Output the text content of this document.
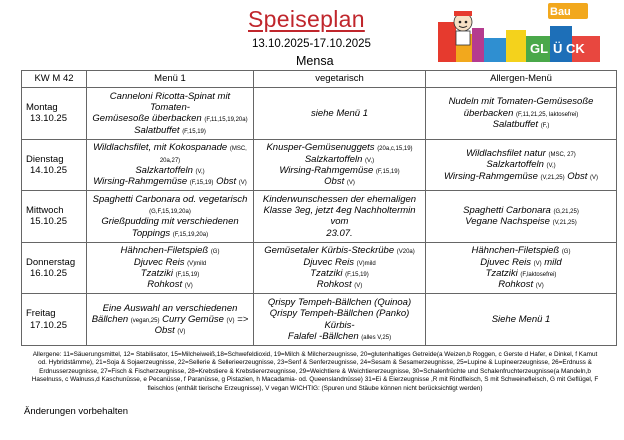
Speiseplan
13.10.2025-17.10.2025
Mensa
Bau
im
GL Ü CK
KW M 42	Menü 1	vegetarisch	Allergen-Menü

Montag
13.10.25	Canneloni Ricotta-Spinat mit Tomaten-
Gemüsesoße überbacken (F,11,15,19,20a)
Salatbuffet (F,15,19)	siehe Menü 1	Nudeln mit Tomaten-Gemüsesoße
überbacken (F,11,21,25, laktosefrei)
Salatbuffet (F,)

Dienstag
14.10.25	Wildlachsfilet, mit Kokospanade (MSC,
20a,27)
Salzkartoffeln (V,)
Wirsing-Rahmgemüse (F,15,19) Obst (V)	Knusper-Gemüsenuggets (20a,c,15,19)
Salzkartoffeln (V,)
Wirsing-Rahmgemüse (F,15,19)
Obst (V)	Wildlachsfilet natur (MSC, 27)
Salzkartoffeln (V,)
Wirsing-Rahmgemüse (V,21,25) Obst (V)

Mittwoch
15.10.25	Spaghetti Carbonara od. vegetarisch
(G,F,15,19,20a)
Grießpudding mit verschiedenen
Toppings (F,15,19,20a)	Kinderwunschessen der ehemaligen
Klasse 3eg, jetzt 4eg Nachholtermin vom
23.07.	Spaghetti Carbonara (G,21,25)
Vegane Nachspeise (V,21,25)

Donnerstag
16.10.25	Hähnchen-Filetspieß (G)
Djuvec Reis (V)mild
Tzatziki (F,15,19)
Rohkost (V)	Gemüsetaler Kürbis-Steckrübe (V20a)
Djuvec Reis (V)mild
Tzatziki (F,15,19)
Rohkost (V)	Hähnchen-Filetspieß (G)
Djuvec Reis (V) mild
Tzatziki (F,laktosefrei)
Rohkost (V)

Freitag
17.10.25	Eine Auswahl an verschiedenen
Bällchen (vegan,25) Curry Gemüse (V) =>
Obst (V)	Qrispy Tempeh-Bällchen (Quinoa)
Qrispy Tempeh-Bällchen (Panko) Kürbis-
Falafel -Bällchen (alles V,25)	Siehe Menü 1
Allergene: 11=Säuerungsmittel, 12= Stabilisator, 15=Milcheiweiß,18=Schwefeldioxid, 19=Milch & Milcherzeugnisse, 20=glutenhaltiges Getreide(a Weizen,b Roggen, c Gerste d Hafer, e Dinkel, f Kamut od. Hybridstämme), 21=Soja & Sojaerzeugnisse, 22=Sellerie & Sellerieerzeugnisse, 23=Senf & Senferzeugnisse, 24=Sesam & Sesamerzeugnisse, 25=Lupine & Lupineerzeugnisse, 26=Erdnuss & Erdnusserzeugnisse, 27=Fisch & Fischerzeugnisse, 28=Krebstiere & Krebstiererzeugnisse, 29=Weichtiere & Weichtiererzeugnisse, 30=Schalenfrüchte und Schalenfruchterzeugnisse(a Mandeln,b Haselnuss, c Walnuss,d Kaschunüsse, e Pecanüsse, f Paranüsse, g Pistazien, h Macadamia- od. Queenslandnüsse) 31=Ei & Eierzeugnisse ,R mit Rindfleisch, S mit Schweinefleisch, G mit Geflügel, F fleischlos (enthält tierische Erzeugnisse), V vegan WICHTIG: (Spuren und Stäube können nicht berücksichtigt werden)
Änderungen vorbehalten
